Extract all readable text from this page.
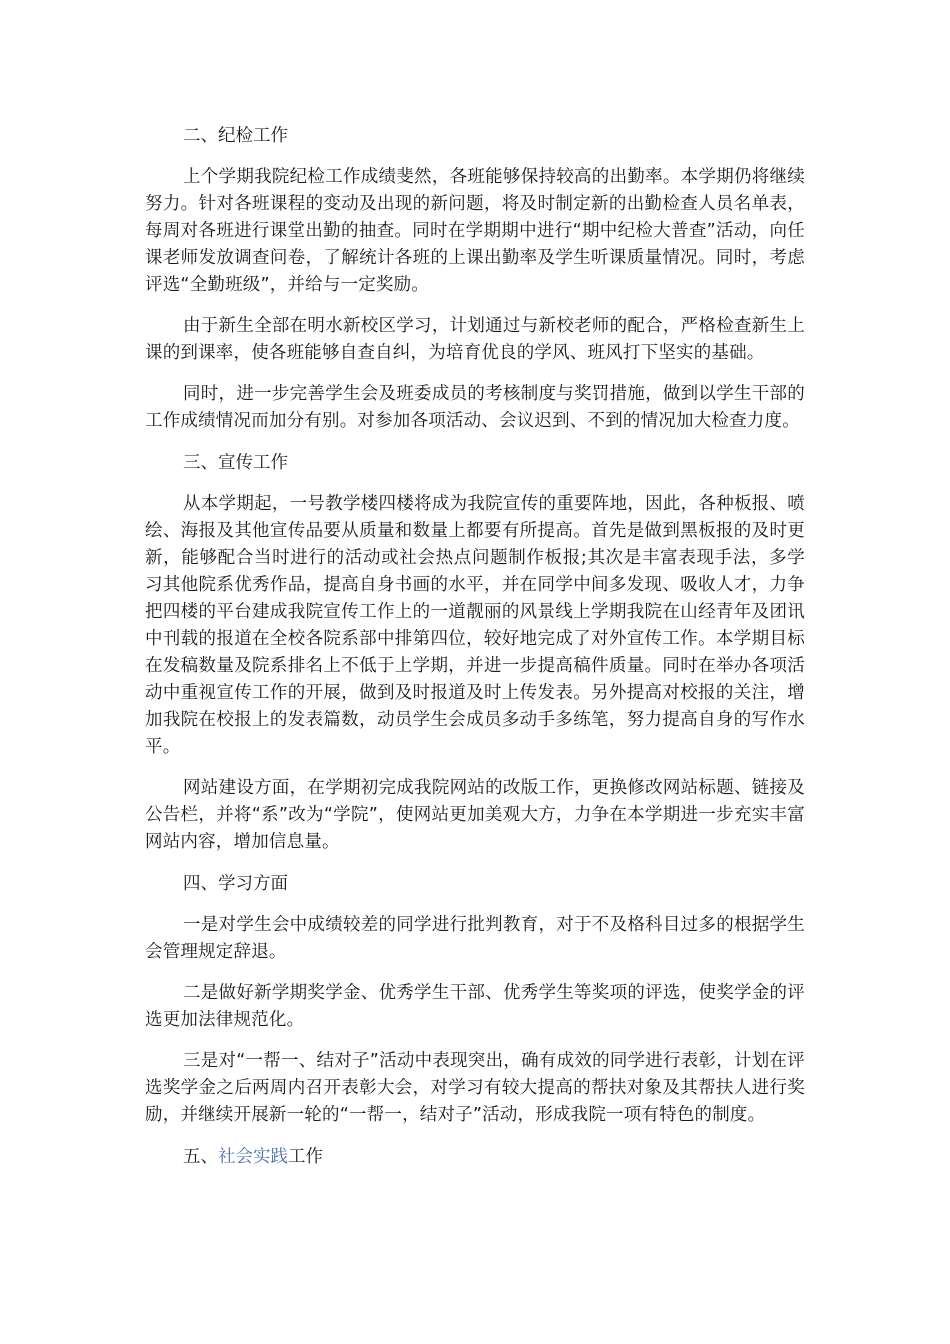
二、纪检工作

上个学期我院纪检工作成绩斐然，各班能够保持较高的出勤率。本学期仍将继续努力。针对各班课程的变动及出现的新问题，将及时制定新的出勤检查人员名单表，每周对各班进行课堂出勤的抽查。同时在学期期中进行“期中纪检大普查”活动，向任课老师发放调查问卷，了解统计各班的上课出勤率及学生听课质量情况。同时，考虑评选“全勤班级”，并给与一定奖励。

由于新生全部在明水新校区学习，计划通过与新校老师的配合，严格检查新生上课的到课率，使各班能够自查自纠，为培育优良的学风、班风打下坚实的基础。

同时，进一步完善学生会及班委成员的考核制度与奖罚措施，做到以学生干部的工作成绩情况而加分有别。对参加各项活动、会议迟到、不到的情况加大检查力度。

三、宣传工作

从本学期起，一号教学楼四楼将成为我院宣传的重要阵地，因此，各种板报、喷绘、海报及其他宣传品要从质量和数量上都要有所提高。首先是做到黑板报的及时更新，能够配合当时进行的活动或社会热点问题制作板报;其次是丰富表现手法，多学习其他院系优秀作品，提高自身书画的水平，并在同学中间多发现、吸收人才，力争把四楼的平台建成我院宣传工作上的一道靓丽的风景线上学期我院在山经青年及团讯中刊载的报道在全校各院系部中排第四位，较好地完成了对外宣传工作。本学期目标在发稿数量及院系排名上不低于上学期，并进一步提高稿件质量。同时在举办各项活动中重视宣传工作的开展，做到及时报道及时上传发表。另外提高对校报的关注，增加我院在校报上的发表篇数，动员学生会成员多动手多练笔，努力提高自身的写作水平。

网站建设方面，在学期初完成我院网站的改版工作，更换修改网站标题、链接及公告栏，并将“系”改为“学院”，使网站更加美观大方，力争在本学期进一步充实丰富网站内容，增加信息量。

四、学习方面

一是对学生会中成绩较差的同学进行批判教育，对于不及格科目过多的根据学生会管理规定辞退。

二是做好新学期奖学金、优秀学生干部、优秀学生等奖项的评选，使奖学金的评选更加法律规范化。

三是对“一帮一、结对子”活动中表现突出，确有成效的同学进行表彰，计划在评选奖学金之后两周内召开表彰大会，对学习有较大提高的帮扶对象及其帮扶人进行奖励，并继续开展新一轮的“一帮一，结对子”活动，形成我院一项有特色的制度。

五、社会实践工作
